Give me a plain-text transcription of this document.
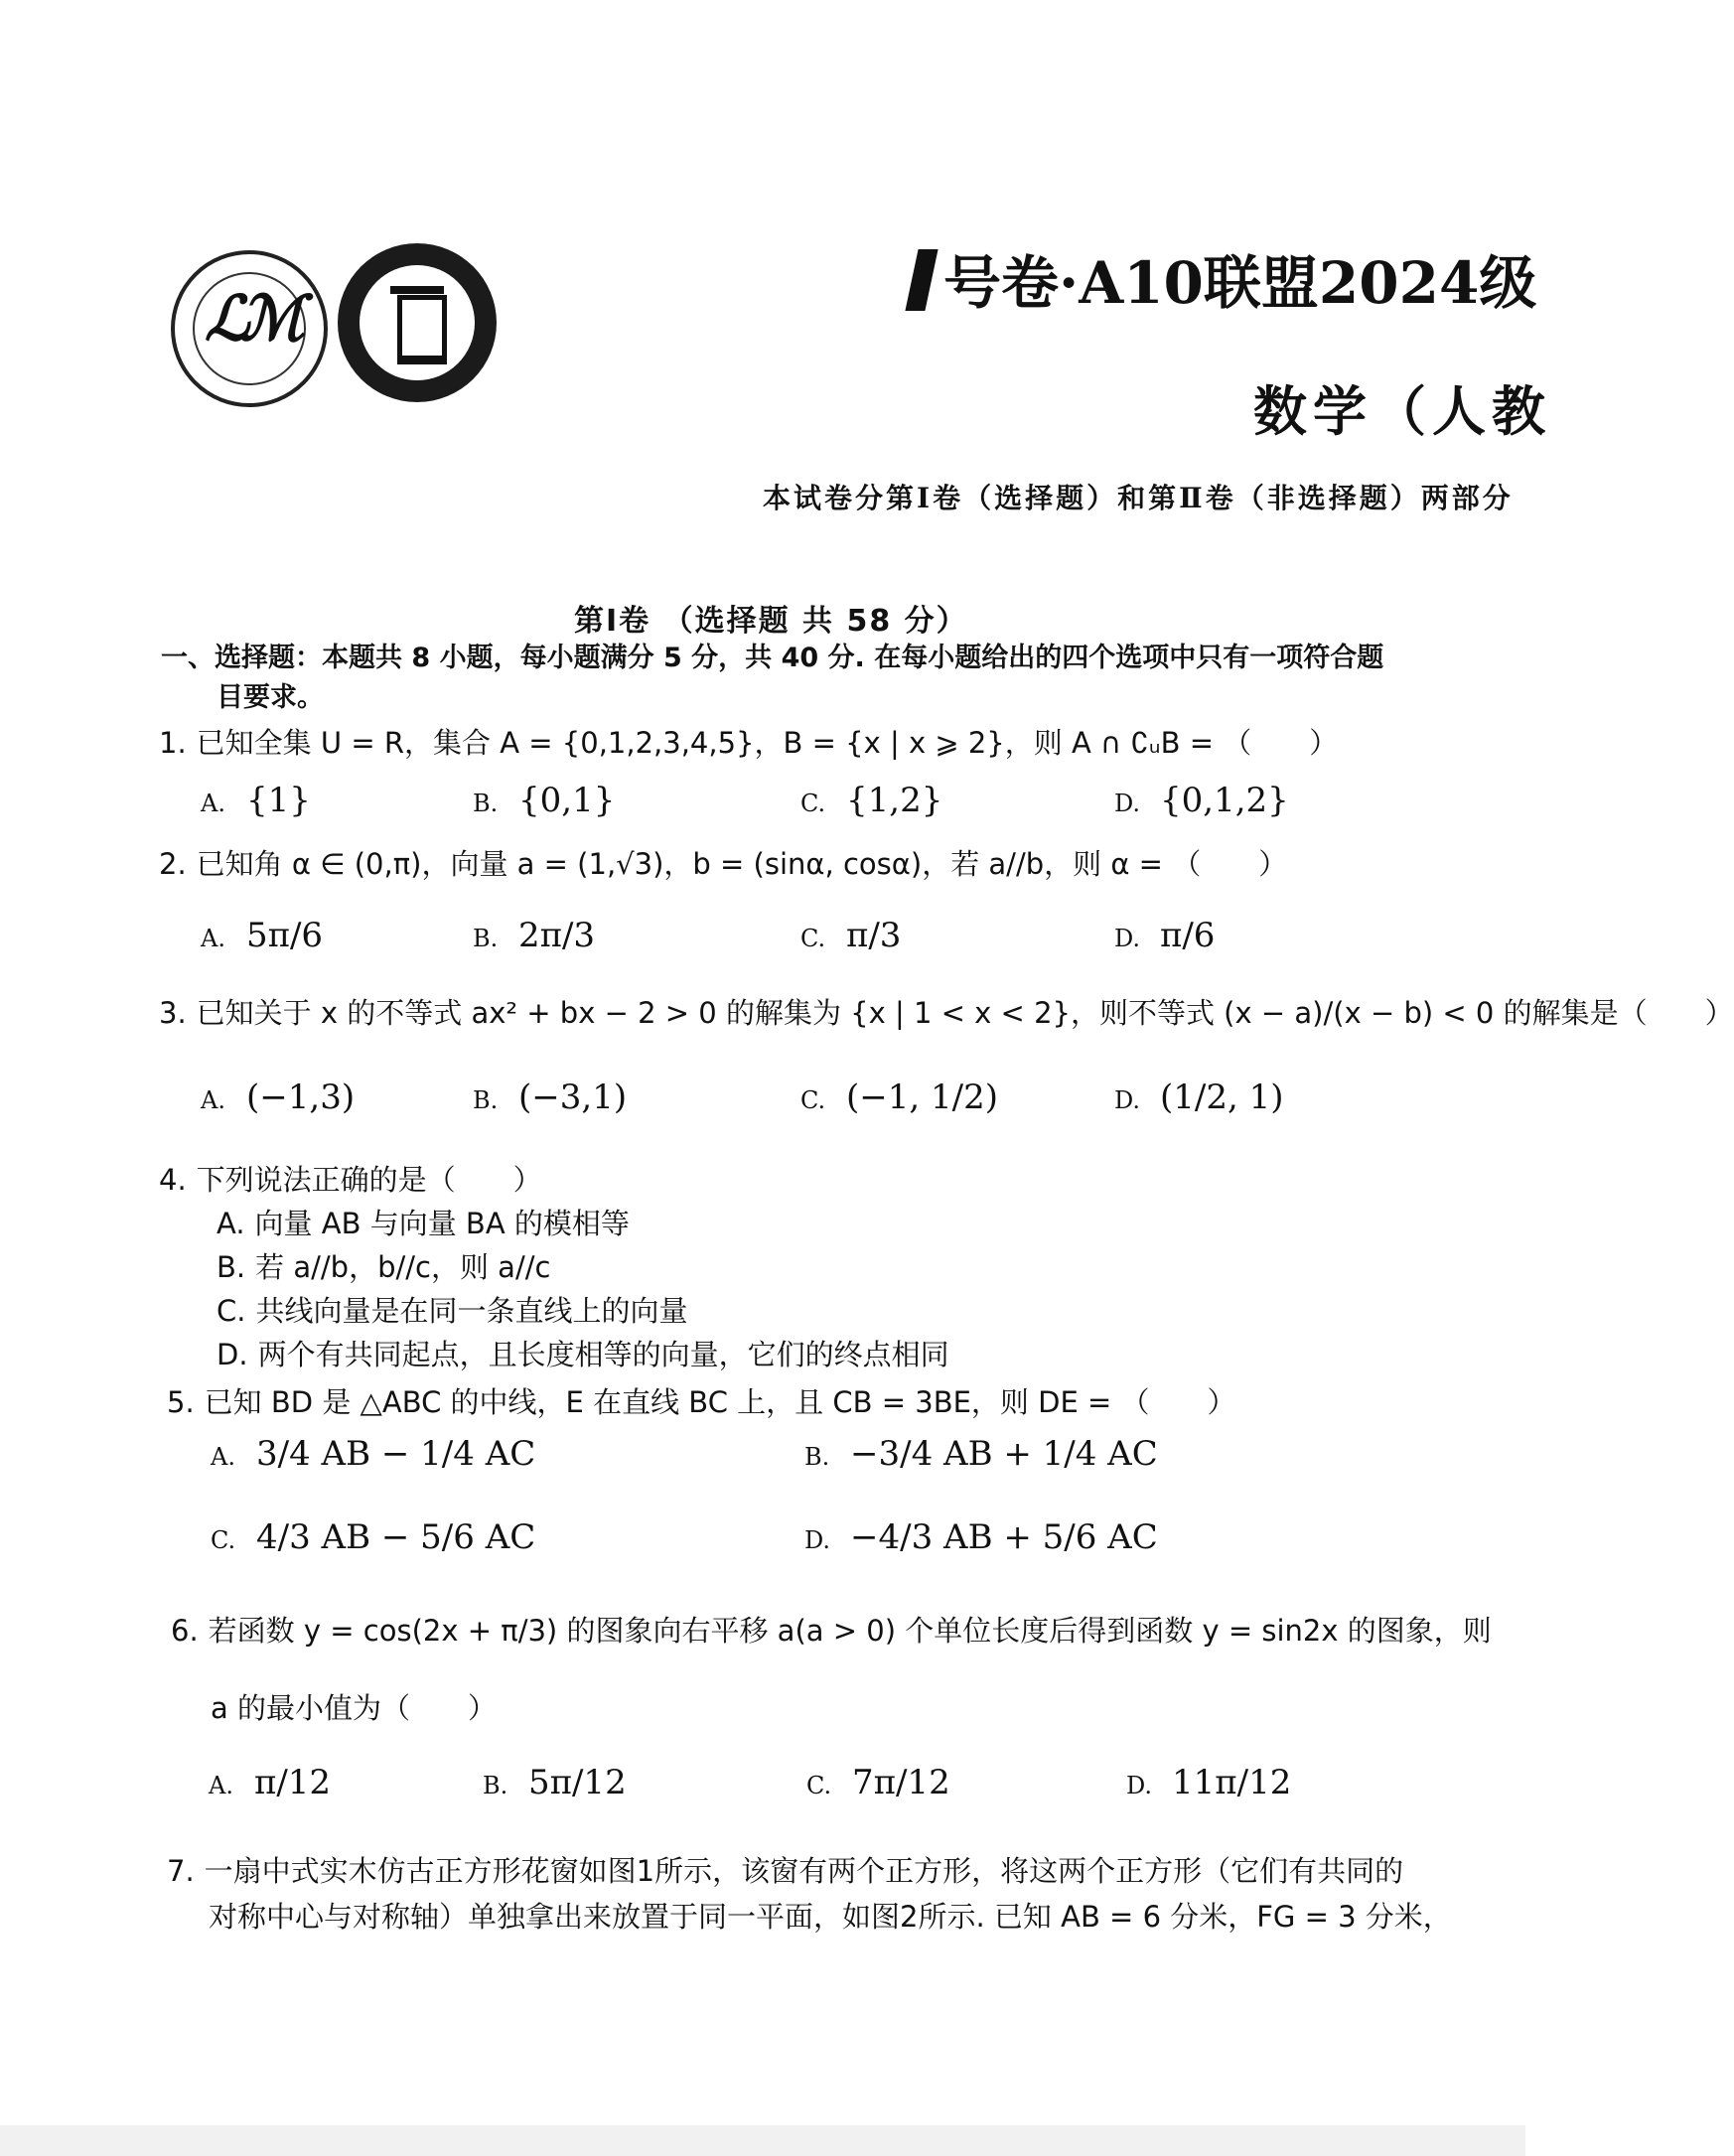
ℒℳ	号卷·A10联盟2024级
数学（人教
本试卷分第Ⅰ卷（选择题）和第Ⅱ卷（非选择题）两部分
第Ⅰ卷 （选择题 共 58 分）
一、选择题：本题共 8 小题，每小题满分 5 分，共 40 分. 在每小题给出的四个选项中只有一项符合题
目要求。
1. 已知全集 U = R，集合 A = {0,1,2,3,4,5}，B = {x | x ⩾ 2}，则 A ∩ ∁ᵤB = （　　）
A. {1}	B. {0,1}	C. {1,2}	D. {0,1,2}
2. 已知角 α ∈ (0,π)，向量 a = (1,√3)，b = (sinα, cosα)，若 a//b，则 α = （　　）
A. 5π/6	B. 2π/3	C. π/3	D. π/6
3. 已知关于 x 的不等式 ax² + bx − 2 > 0 的解集为 {x | 1 < x < 2}，则不等式 (x − a)/(x − b) < 0 的解集是（　　）
A. (−1,3)	B. (−3,1)	C. (−1, 1/2)	D. (1/2, 1)
4. 下列说法正确的是（　　）
A. 向量 AB 与向量 BA 的模相等
B. 若 a//b，b//c，则 a//c
C. 共线向量是在同一条直线上的向量
D. 两个有共同起点，且长度相等的向量，它们的终点相同
5. 已知 BD 是 △ABC 的中线，E 在直线 BC 上，且 CB = 3BE，则 DE = （　　）
A. 3/4 AB − 1/4 AC	B. −3/4 AB + 1/4 AC
C. 4/3 AB − 5/6 AC	D. −4/3 AB + 5/6 AC
6. 若函数 y = cos(2x + π/3) 的图象向右平移 a(a > 0) 个单位长度后得到函数 y = sin2x 的图象，则
a 的最小值为（　　）
A. π/12	B. 5π/12	C. 7π/12	D. 11π/12
7. 一扇中式实木仿古正方形花窗如图1所示，该窗有两个正方形，将这两个正方形（它们有共同的
对称中心与对称轴）单独拿出来放置于同一平面，如图2所示. 已知 AB = 6 分米，FG = 3 分米，
